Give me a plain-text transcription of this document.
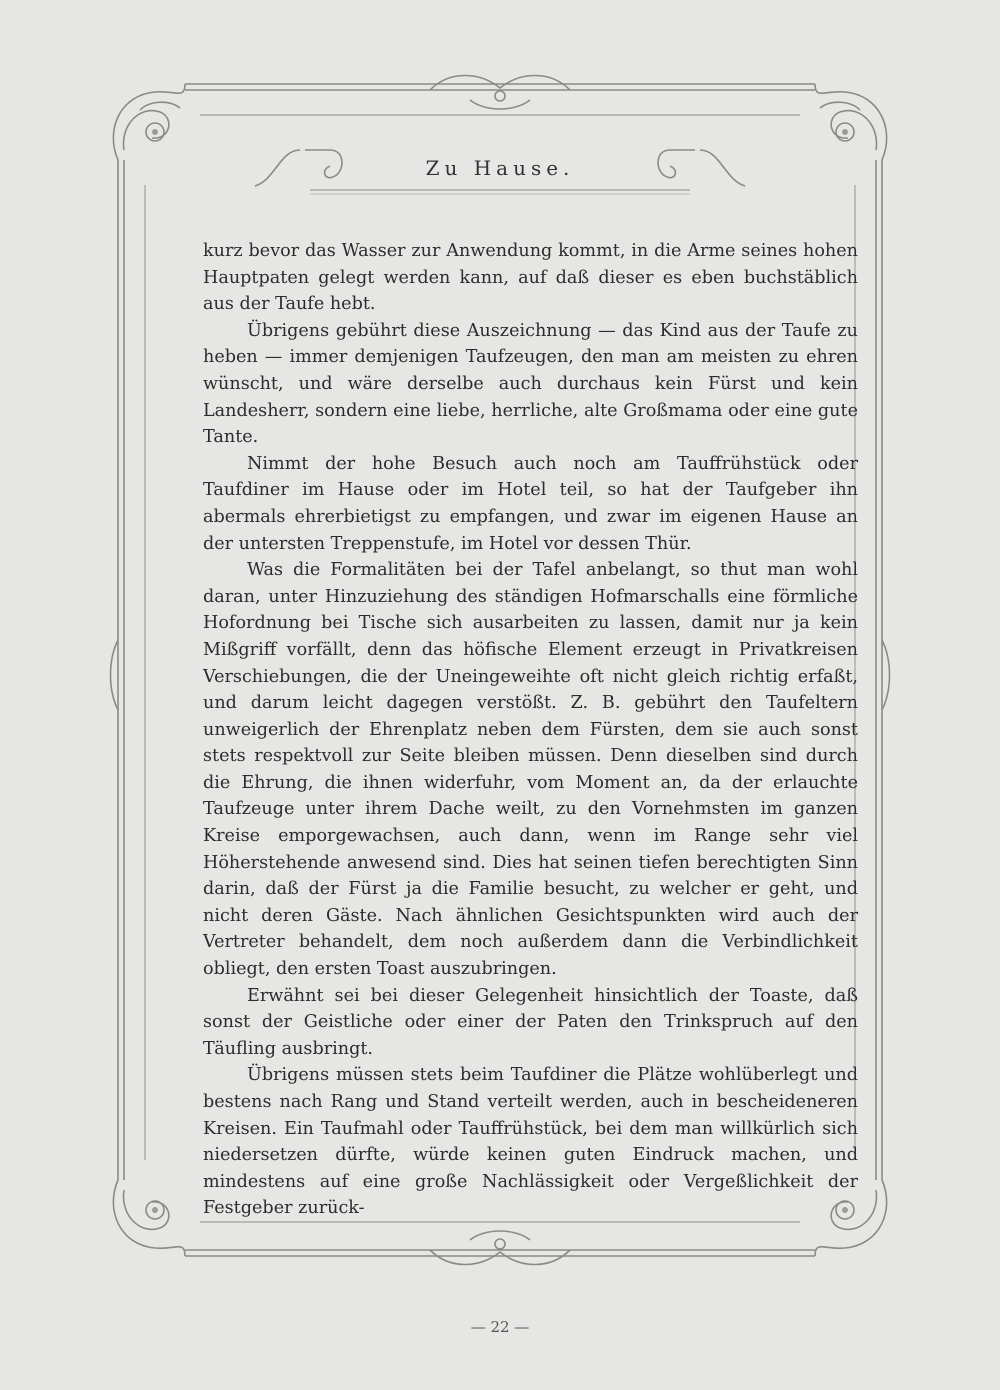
Zu Hause.

kurz bevor das Wasser zur Anwendung kommt, in die Arme seines hohen Hauptpaten gelegt werden kann, auf daß dieser es eben buchstäblich aus der Taufe hebt.

Übrigens gebührt diese Auszeichnung — das Kind aus der Taufe zu heben — immer demjenigen Taufzeugen, den man am meisten zu ehren wünscht, und wäre derselbe auch durchaus kein Fürst und kein Landesherr, sondern eine liebe, herrliche, alte Großmama oder eine gute Tante.

Nimmt der hohe Besuch auch noch am Tauffrühstück oder Taufdiner im Hause oder im Hotel teil, so hat der Taufgeber ihn abermals ehrerbietigst zu empfangen, und zwar im eigenen Hause an der untersten Treppenstufe, im Hotel vor dessen Thür.

Was die Formalitäten bei der Tafel anbelangt, so thut man wohl daran, unter Hinzuziehung des ständigen Hofmarschalls eine förmliche Hofordnung bei Tische sich ausarbeiten zu lassen, damit nur ja kein Mißgriff vorfällt, denn das höfische Element erzeugt in Privatkreisen Verschiebungen, die der Uneingeweihte oft nicht gleich richtig erfaßt, und darum leicht dagegen verstößt. Z. B. gebührt den Taufeltern unweigerlich der Ehrenplatz neben dem Fürsten, dem sie auch sonst stets respektvoll zur Seite bleiben müssen. Denn dieselben sind durch die Ehrung, die ihnen widerfuhr, vom Moment an, da der erlauchte Taufzeuge unter ihrem Dache weilt, zu den Vornehmsten im ganzen Kreise emporgewachsen, auch dann, wenn im Range sehr viel Höherstehende anwesend sind. Dies hat seinen tiefen berechtigten Sinn darin, daß der Fürst ja die Familie besucht, zu welcher er geht, und nicht deren Gäste. Nach ähnlichen Gesichtspunkten wird auch der Vertreter behandelt, dem noch außerdem dann die Verbindlichkeit obliegt, den ersten Toast auszubringen.

Erwähnt sei bei dieser Gelegenheit hinsichtlich der Toaste, daß sonst der Geistliche oder einer der Paten den Trinkspruch auf den Täufling ausbringt.

Übrigens müssen stets beim Taufdiner die Plätze wohlüberlegt und bestens nach Rang und Stand verteilt werden, auch in bescheideneren Kreisen. Ein Taufmahl oder Tauffrühstück, bei dem man willkürlich sich niedersetzen dürfte, würde keinen guten Eindruck machen, und mindestens auf eine große Nachlässigkeit oder Vergeßlichkeit der Festgeber zurück-

— 22 —
